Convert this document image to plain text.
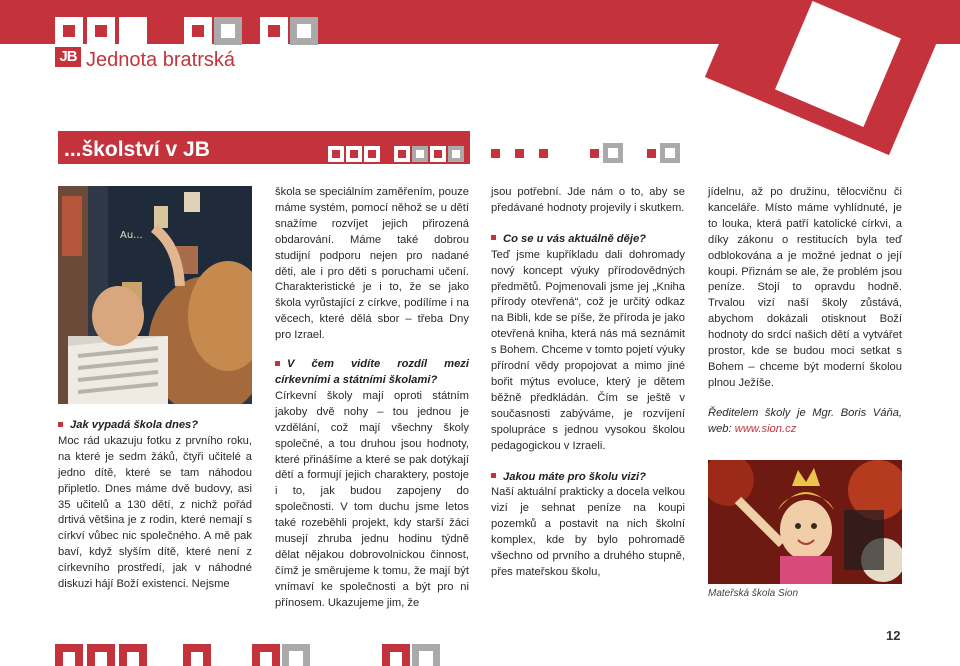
JB Jednota bratrská
...školství v JB
Au...

Jak vypadá škola dnes?

Moc rád ukazuju fotku z prvního roku, na které je sedm žáků, čtyři učitelé a jedno dítě, které se tam náhodou připletlo. Dnes máme dvě budovy, asi 35 učitelů a 130 dětí, z nichž pořád drtivá většina je z rodin, které nemají s církví vůbec nic společného. A mě pak baví, když slyším dítě, které není z církevního prostředí, jak v náhodné diskuzi hájí Boží existenci. Nejsme

škola se speciálním zaměřením, pouze máme systém, pomocí něhož se u dětí snažíme rozvíjet jejich přirozená obdarování. Máme také dobrou studijní podporu nejen pro nadané děti, ale i pro děti s poruchami učení. Charakteristické je i to, že se jako škola vyrůstající z církve, podílíme i na věcech, které dělá sbor – třeba Dny pro Izrael.

V čem vidíte rozdíl mezi církevními a státními školami?

Církevní školy mají oproti státním jakoby dvě nohy – tou jednou je vzdělání, což mají všechny školy společné, a tou druhou jsou hodnoty, které přinášíme a které se pak dotýkají dětí a formují jejich charaktery, postoje i to, jak budou zapojeny do společnosti. V tom duchu jsme letos také rozeběhli projekt, kdy starší žáci musejí zhruba jednu hodinu týdně dělat nějakou dobrovolnickou činnost, čímž je směrujeme k tomu, že mají být vnímaví ke společnosti a být pro ni přínosem. Ukazujeme jim, že

jsou potřební. Jde nám o to, aby se předávané hodnoty projevily i skutkem.

Co se u vás aktuálně děje?

Teď jsme kupříkladu dali dohromady nový koncept výuky přírodovědných předmětů. Pojmenovali jsme jej „Kniha přírody otevřená“, což je určitý odkaz na Bibli, kde se píše, že příroda je jako otevřená kniha, která nás má seznámit s Bohem. Chceme v tomto pojetí výuky přírodní vědy propojovat a mimo jiné bořit mýtus evoluce, který je dětem běžně předkládán. Čím se ještě v současnosti zabýváme, je rozvíjení spolupráce s jednou vysokou školou pedagogickou v Izraeli.

Jakou máte pro školu vizi?

Naší aktuální prakticky a docela velkou vizí je sehnat peníze na koupi pozemků a postavit na nich školní komplex, kde by bylo pohromadě všechno od prvního a druhého stupně, přes mateřskou školu,

jídelnu, až po družinu, tělocvičnu či kanceláře. Místo máme vyhlídnuté, je to louka, která patří katolické církvi, a díky zákonu o restitucích byla teď odblokována a je možné jednat o její koupi. Přiznám se ale, že problém jsou peníze. Stojí to opravdu hodně. Trvalou vizí naší školy zůstává, abychom dokázali otisknout Boží hodnoty do srdcí našich dětí a vytvářet prostor, kde se budou moci setkat s Bohem – chceme být moderní školou plnou Ježíše.

Ředitelem školy je Mgr. Boris Váňa, web: www.sion.cz

Mateřská škola Sion
12
